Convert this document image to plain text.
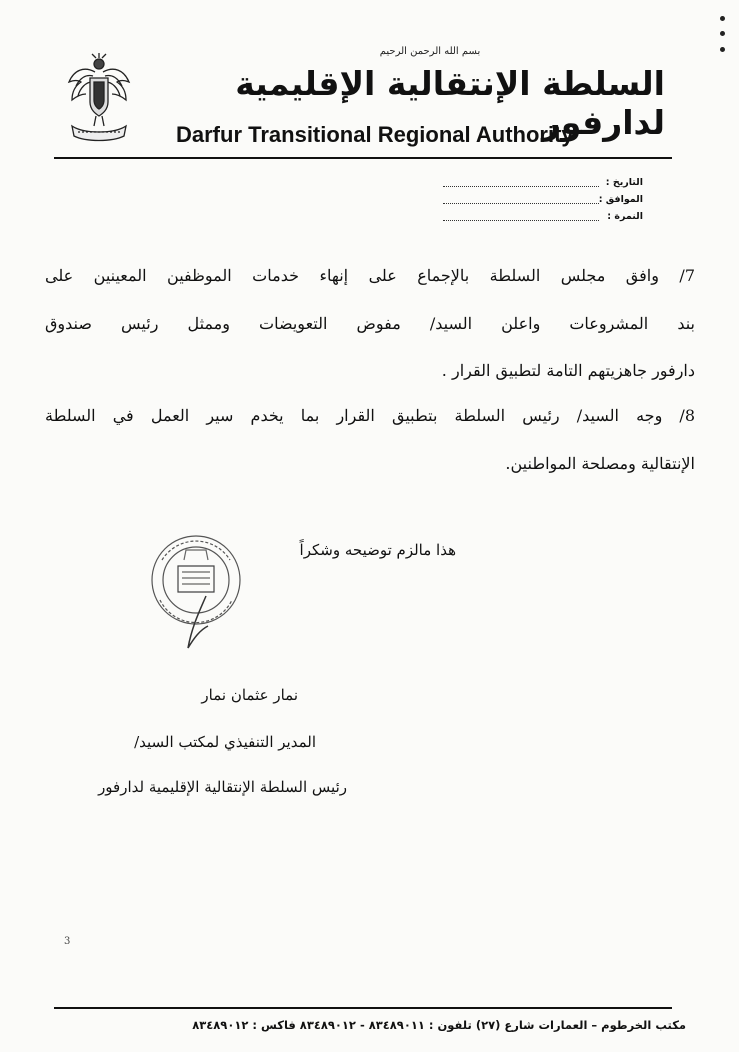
بسم الله الرحمن الرحيم
السلطة الإنتقالية الإقليمية لدارفور
Darfur Transitional Regional Authority
التاريخ :
الموافق :
النمرة :
7/ وافق مجلس السلطة بالإجماع على إنهاء خدمات الموظفين المعينين على
بند المشروعات واعلن السيد/ مفوض التعويضات وممثل رئيس صندوق
دارفور جاهزيتهم التامة لتطبيق القرار .
8/ وجه السيد/ رئيس السلطة بتطبيق القرار بما يخدم سير العمل في السلطة
الإنتقالية ومصلحة المواطنين.
هذا مالزم توضيحه وشكراً
نمار عثمان نمار
المدير التنفيذي لمكتب السيد/
رئيس السلطة الإنتقالية الإقليمية لدارفور
3
مكتب الخرطوم – العمارات شارع (٢٧) تلفون : ٨٣٤٨٩٠١١ - ٨٣٤٨٩٠١٢ فاكس : ٨٣٤٨٩٠١٢
